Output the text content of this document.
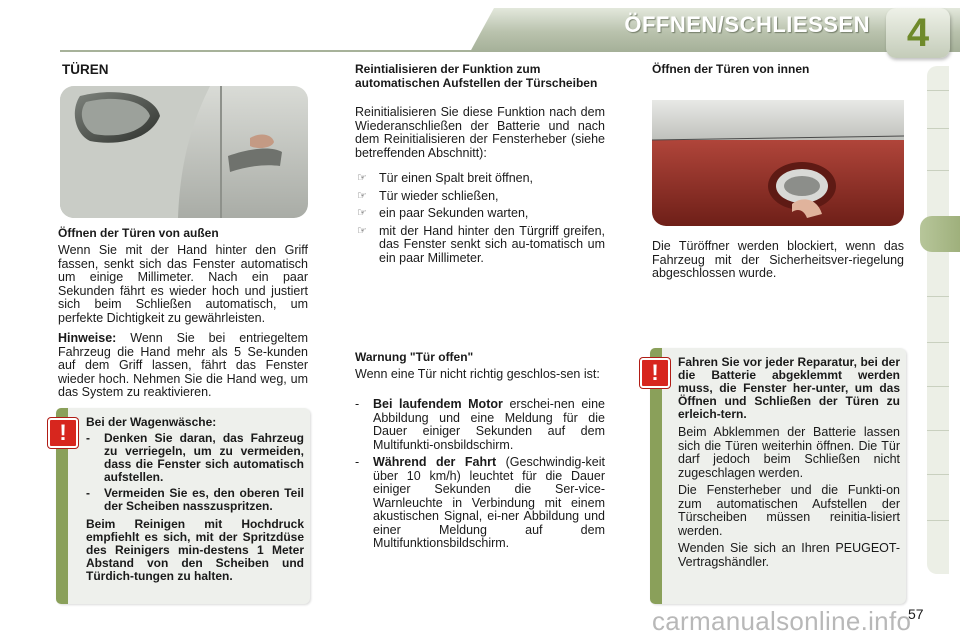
ÖFFNEN/SCHLIESSEN 4
TÜREN
Öffnen der Türen von außen

Wenn Sie mit der Hand hinter den Griff fassen, senkt sich das Fenster automatisch um einige Millimeter. Nach ein paar Sekunden fährt es wieder hoch und justiert sich beim Schließen automatisch, um perfekte Dichtigkeit zu gewährleisten.

Hinweise: Wenn Sie bei entriegeltem Fahrzeug die Hand mehr als 5 Se-kunden auf dem Griff lassen, fährt das Fenster wieder hoch. Nehmen Sie die Hand weg, um das System zu reaktivieren.

!	Bei der Wagenwäsche:
-	Denken Sie daran, das Fahrzeug zu verriegeln, um zu vermeiden, dass die Fenster sich automatisch aufstellen.
-	Vermeiden Sie es, den oberen Teil der Scheiben nasszuspritzen.
Beim Reinigen mit Hochdruck empfiehlt es sich, mit der Spritzdüse des Reinigers min-destens 1 Meter Abstand von den Scheiben und Türdich-tungen zu halten.
Reintialisieren der Funktion zum automatischen Aufstellen der Türscheiben

Reinitialisieren Sie diese Funktion nach dem Wiederanschließen der Batterie und nach dem Reinitialisieren der Fensterheber (siehe betreffenden Abschnitt):

☞ Tür einen Spalt breit öffnen,
☞ Tür wieder schließen,
☞ ein paar Sekunden warten,
☞ mit der Hand hinter den Türgriff greifen, das Fenster senkt sich au-tomatisch um ein paar Millimeter.
Warnung "Tür offen"

Wenn eine Tür nicht richtig geschlos-sen ist:

-	Bei laufendem Motor erschei-nen eine Abbildung und eine Meldung für die Dauer einiger Sekunden auf dem Multifunkti-onsbildschirm.
-	Während der Fahrt (Geschwindig-keit über 10 km/h) leuchtet für die Dauer einiger Sekunden die Ser-vice-Warnleuchte in Verbindung mit einem akustischen Signal, ei-ner Abbildung und einer Meldung auf dem Multifunktionsbildschirm.
Öffnen der Türen von innen

Die Türöffner werden blockiert, wenn das Fahrzeug mit der Sicherheitsver-riegelung abgeschlossen wurde.

!	Fahren Sie vor jeder Reparatur, bei der die Batterie abgeklemmt werden muss, die Fenster her-unter, um das Öffnen und Schließen der Türen zu erleich-tern.
Beim Abklemmen der Batterie lassen sich die Türen weiterhin öffnen. Die Tür darf jedoch beim Schließen nicht zugeschlagen werden.
Die Fensterheber und die Funkti-on zum automatischen Aufstellen der Türscheiben müssen reinitia-lisiert werden.
Wenden Sie sich an Ihren PEUGEOT-Vertragshändler.
carmanualsonline.info
57
